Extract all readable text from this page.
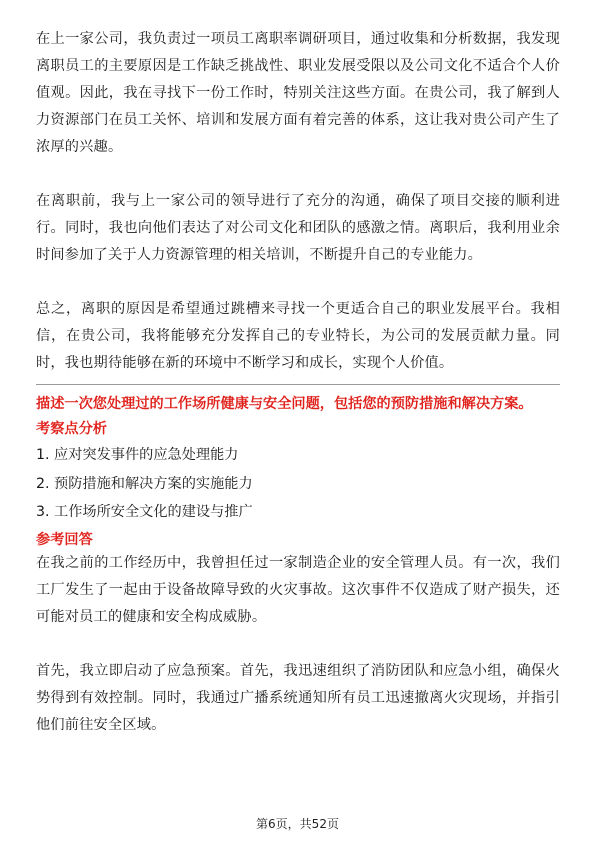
在上一家公司，我负责过一项员工离职率调研项目，通过收集和分析数据，我发现离职员工的主要原因是工作缺乏挑战性、职业发展受限以及公司文化不适合个人价值观。因此，我在寻找下一份工作时，特别关注这些方面。在贵公司，我了解到人力资源部门在员工关怀、培训和发展方面有着完善的体系，这让我对贵公司产生了浓厚的兴趣。

在离职前，我与上一家公司的领导进行了充分的沟通，确保了项目交接的顺利进行。同时，我也向他们表达了对公司文化和团队的感激之情。离职后，我利用业余时间参加了关于人力资源管理的相关培训，不断提升自己的专业能力。

总之，离职的原因是希望通过跳槽来寻找一个更适合自己的职业发展平台。我相信，在贵公司，我将能够充分发挥自己的专业特长，为公司的发展贡献力量。同时，我也期待能够在新的环境中不断学习和成长，实现个人价值。

描述一次您处理过的工作场所健康与安全问题，包括您的预防措施和解决方案。
考察点分析
1. 应对突发事件的应急处理能力
2. 预防措施和解决方案的实施能力
3. 工作场所安全文化的建设与推广
参考回答

在我之前的工作经历中，我曾担任过一家制造企业的安全管理人员。有一次，我们工厂发生了一起由于设备故障导致的火灾事故。这次事件不仅造成了财产损失，还可能对员工的健康和安全构成威胁。

首先，我立即启动了应急预案。首先，我迅速组织了消防团队和应急小组，确保火势得到有效控制。同时，我通过广播系统通知所有员工迅速撤离火灾现场，并指引他们前往安全区域。

第6页，共52页
